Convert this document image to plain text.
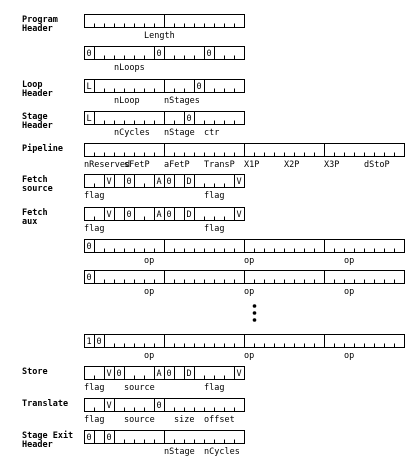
Program
Header
Length
0	0	0
nLoops
Loop
Header
L	0
nLoop	nStages
Stage
Header
L	0
nCycles nStage ctr
Pipeline
nReserved
sFetP aFetP TransP X1P	X2P	X3P	dStoP
Fetch
source
V 0	A 0 D	V
flag	flag
Fetch
aux
V 0	A 0 D	V
flag	flag
0
op	op	op
0
op	op	op
1 0
op	op	op
Store	V 0	A 0 D	V
flag source	flag
Translate	V	0
flag source size offset
Stage Exit
Header
0 0
nStage nCycles
